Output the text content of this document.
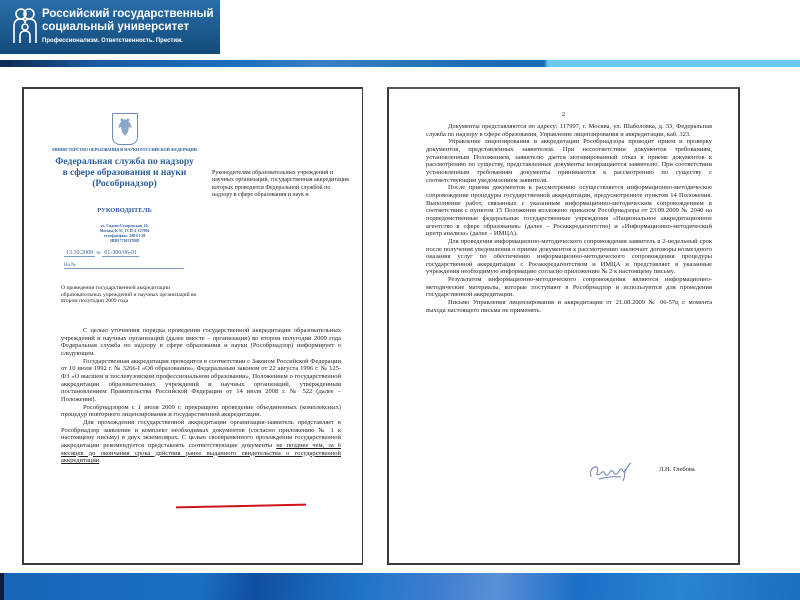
Российский государственный
социальный университет
Профессионализм. Ответственность. Престиж.
МИНИСТЕРСТВО ОБРАЗОВАНИЯ И НАУКИ РОССИЙСКОЙ ФЕДЕРАЦИИ
Федеральная служба по надзору в сфере образования и науки (Рособрнадзор)
РУКОВОДИТЕЛЬ
ул. Садово-Сухаревская, 16,
Москва, К-51, ГСП-4, 127994
телефон/факс: 208-61-58
ИНН 7701537808
13.10.2009 № 01-300/06-01
На №
Руководителям образовательных учреждений и научных организаций, государственная аккредитация которых проводится Федеральной службой по надзору в сфере образования и наук и
О проведении государственной аккредитации образовательных учреждений и научных организаций во втором полугодии 2009 года

С целью уточнения порядка проведения государственной аккредитации образовательных учреждений и научных организаций (далее вместе – организации) во втором полугодии 2009 года Федеральная служба по надзору в сфере образования и науки (Рособрнадзор) информирует о следующем.

Государственная аккредитация проводится в соответствии с Законом Российской Федерации от 10 июля 1992 г. № 3266-I «Об образовании», Федеральным законом от 22 августа 1996 г. № 125-ФЗ «О высшем и послевузовском профессиональном образовании», Положением о государственной аккредитации образовательных учреждений и научных организаций, утвержденным постановлением Правительства Российской Федерации от 14 июля 2008 г. № 522 (далее – Положение).

Рособрнадзором с 1 июля 2009 г. прекращено проведение объединенных (комплексных) процедур повторного лицензирования и государственной аккредитации.

Для прохождения государственной аккредитации организация-заявитель представляет в Рособрнадзор заявление и комплект необходимых документов (согласно приложению № 1 к настоящему письму) в двух экземплярах. С целью своевременного прохождения государственной аккредитации рекомендуется представлять соответствующие документы не позднее чем, за 6 месяцев до окончания срока действия ранее выданного свидетельства о государственной аккредитации.

2

Документы представляются по адресу: 117997, г. Москва, ул. Шаболовка, д. 33, Федеральная служба по надзору в сфере образования, Управление лицензирования и аккредитации, каб. 323.

Управление лицензирования и аккредитации Рособрнадзора проводит прием и проверку документов, представленных заявителем. При несоответствии документов требованиям, установленным Положением, заявителю дается мотивированный отказ в приеме документов к рассмотрению по существу, представленные документы возвращаются заявителю. При соответствии установленным требованиям документы принимаются к рассмотрению по существу с соответствующим уведомлением заявителя.

После приема документов к рассмотрению осуществляется информационно-методическое сопровождение процедуры государственной аккредитации, предусмотренное пунктом 14 Положения. Выполнение работ, связанных с указанным информационно-методическим сопровождением в соответствии с пунктом 15 Положения возложено приказом Рособрнадзора от 23.09.2009 № 2040 на подведомственные федеральные государственные учреждения «Национальное аккредитационное агентство в сфере образования» (далее – Росаккредагентство) и «Информационно-методический центр анализа» (далее – ИМЦА).

Для проведения информационно-методического сопровождения заявитель в 2-недельный срок после получения уведомления о приеме документов к рассмотрению заключает договоры возмездного оказания услуг по обеспечению информационно-методического сопровождения процедуры государственной аккредитации с Росаккредагентством и ИМЦА и представляет в указанные учреждения необходимую информацию согласно приложению № 2 к настоящему письму.

Результатом информационно-методического сопровождения являются информационно-методические материалы, которые поступают в Рособрнадзор и используются для проведения государственной аккредитации.

Письмо Управления лицензирования и аккредитации от 21.08.2009 № 06-57ц с момента выхода настоящего письма не применять.

Л.Н. Глебова
